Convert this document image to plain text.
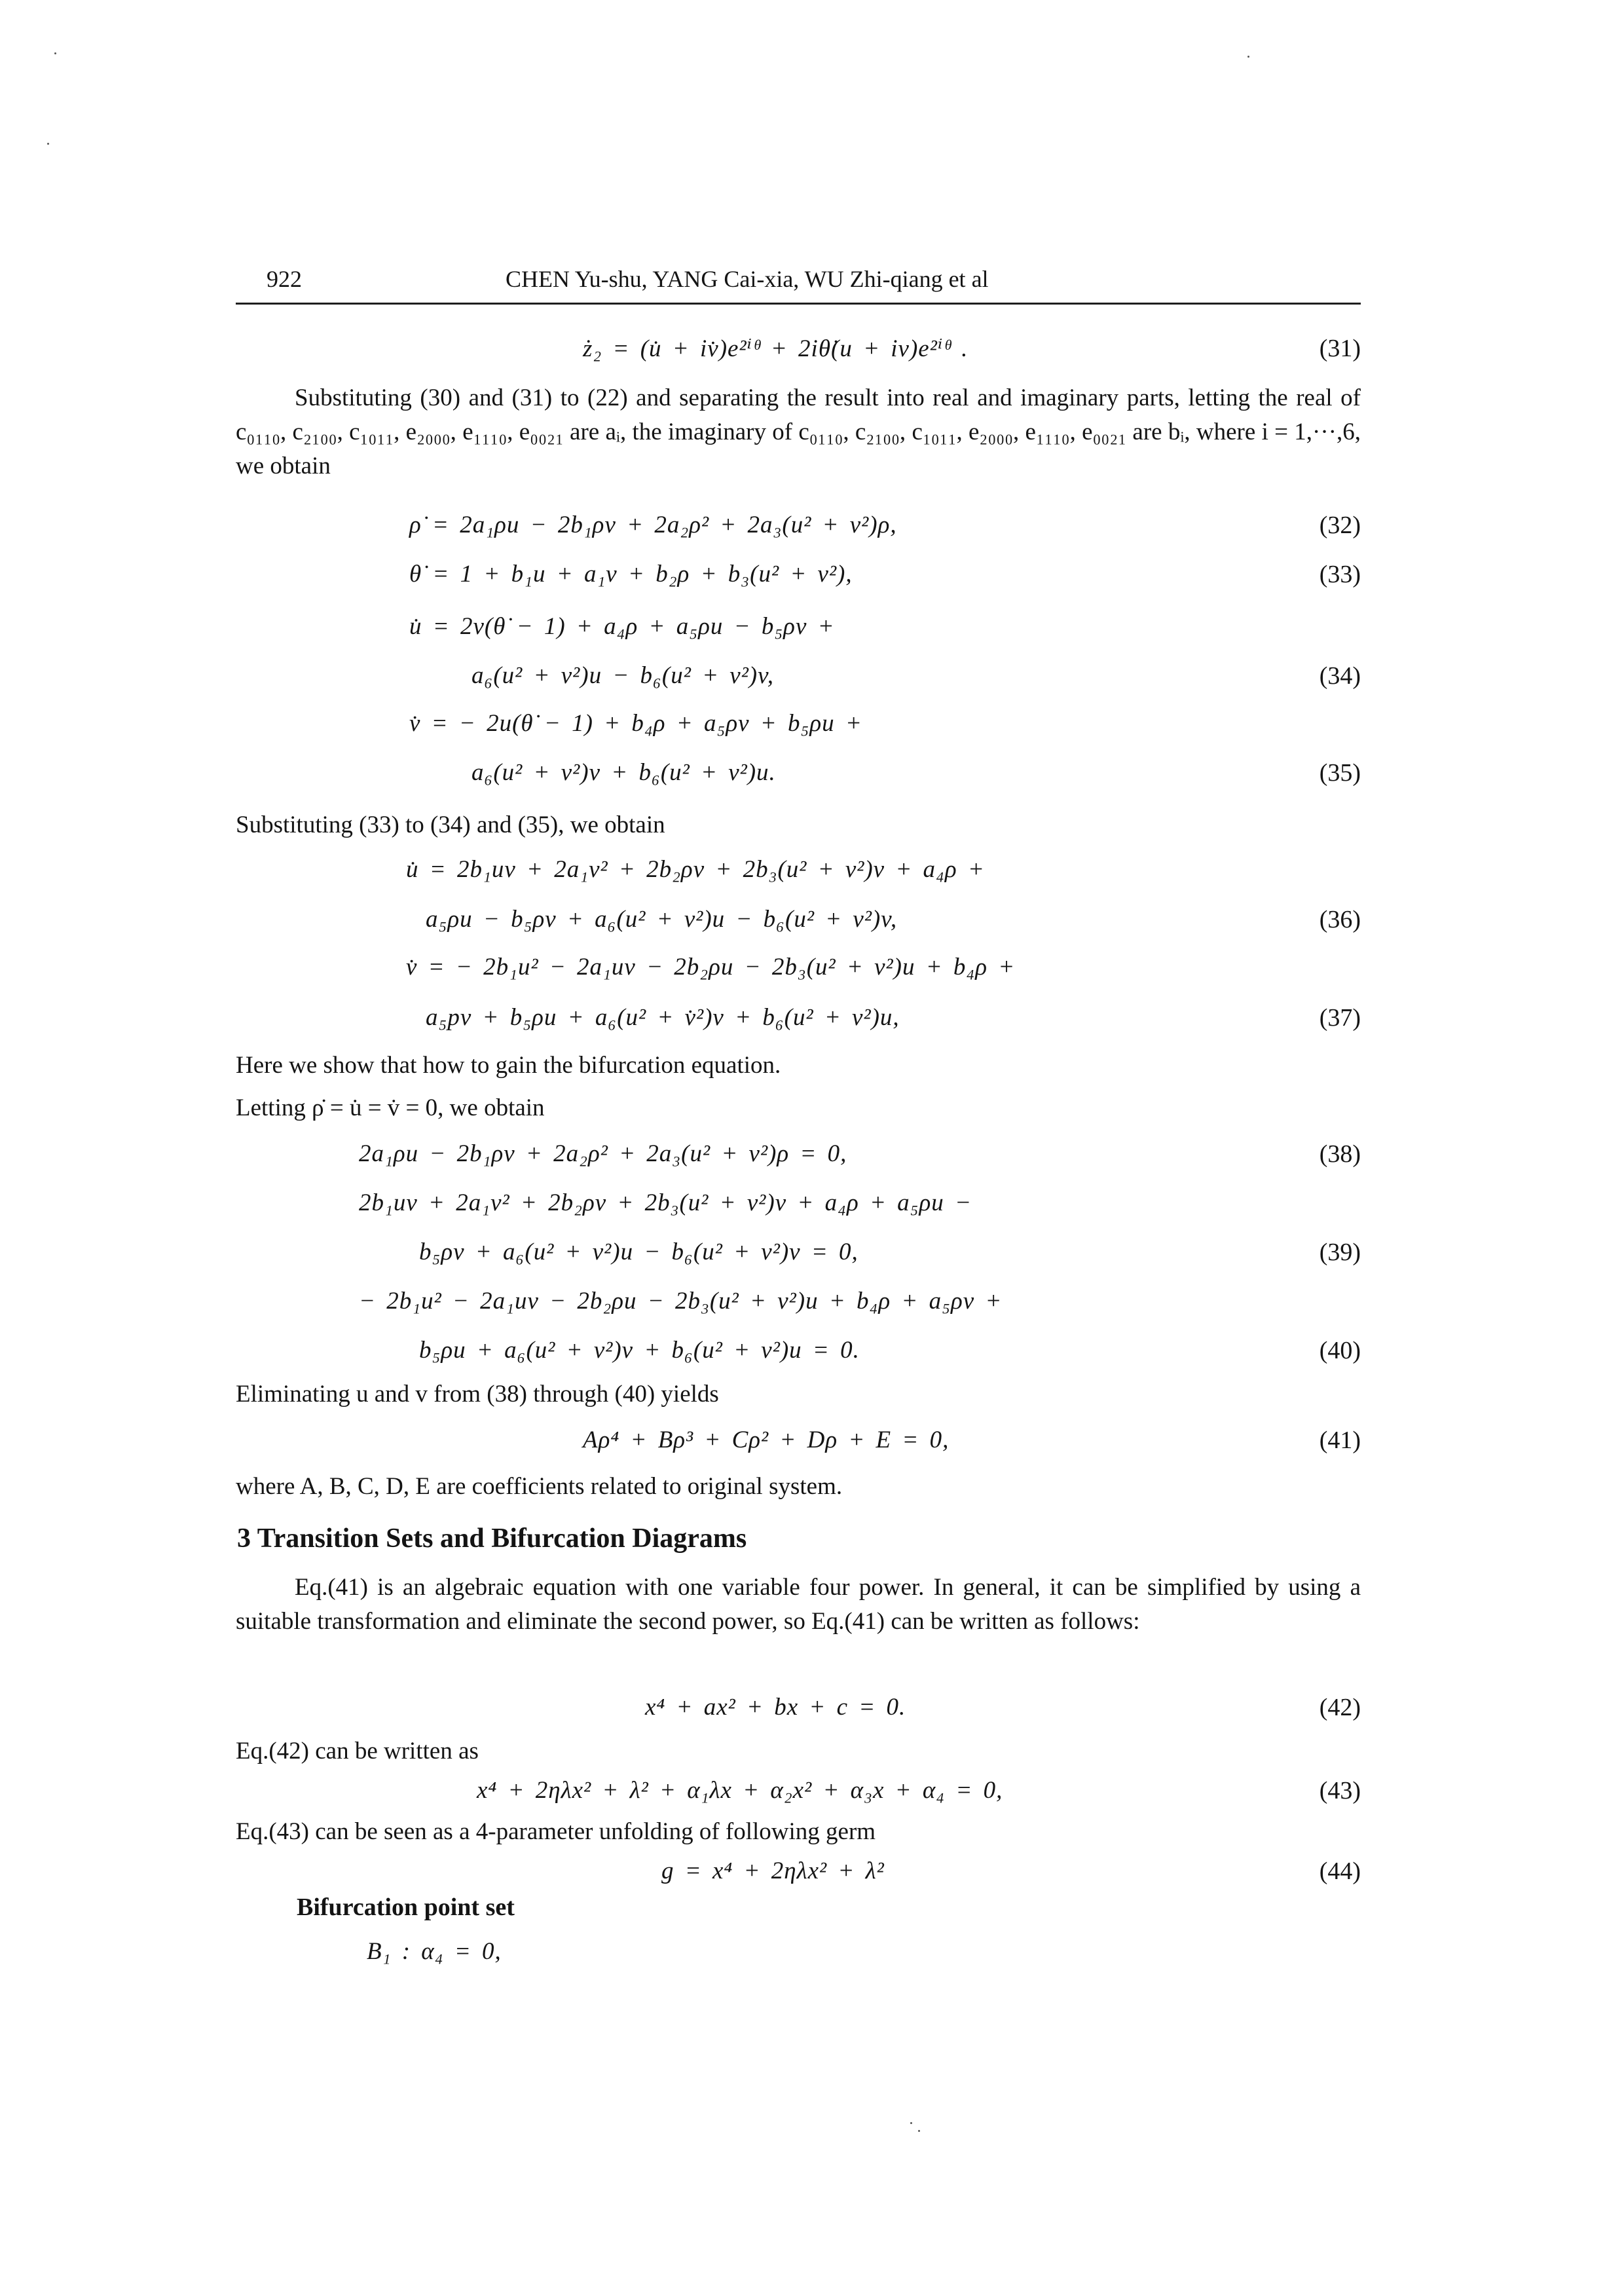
922	CHEN Yu-shu, YANG Cai-xia, WU Zhi-qiang et al
ż₂ = (u̇ + iv̇)e²ⁱᶿ + 2iθ̇(u + iv)e²ⁱᶿ .	(31)
Substituting (30) and (31) to (22) and separating the result into real and imaginary parts, letting the real of c₀₁₁₀, c₂₁₀₀, c₁₀₁₁, e₂₀₀₀, e₁₁₁₀, e₀₀₂₁ are aᵢ, the imaginary of c₀₁₁₀, c₂₁₀₀, c₁₀₁₁, e₂₀₀₀, e₁₁₁₀, e₀₀₂₁ are bᵢ, where i = 1,···,6, we obtain
ρ̇ = 2a₁ρu − 2b₁ρv + 2a₂ρ² + 2a₃(u² + v²)ρ,	(32)
θ̇ = 1 + b₁u + a₁v + b₂ρ + b₃(u² + v²),	(33)
u̇ = 2v(θ̇ − 1) + a₄ρ + a₅ρu − b₅ρv +
a₆(u² + v²)u − b₆(u² + v²)v,	(34)
v̇ = − 2u(θ̇ − 1) + b₄ρ + a₅ρv + b₅ρu +
a₆(u² + v²)v + b₆(u² + v²)u.	(35)
Substituting (33) to (34) and (35), we obtain
u̇ = 2b₁uv + 2a₁v² + 2b₂ρv + 2b₃(u² + v²)v + a₄ρ +
a₅ρu − b₅ρv + a₆(u² + v²)u − b₆(u² + v²)v,	(36)
v̇ = − 2b₁u² − 2a₁uv − 2b₂ρu − 2b₃(u² + v²)u + b₄ρ +
a₅pv + b₅ρu + a₆(u² + v̇²)v + b₆(u² + v²)u,	(37)
Here we show that how to gain the bifurcation equation.
Letting ρ̇ = u̇ = v̇ = 0, we obtain
2a₁ρu − 2b₁ρv + 2a₂ρ² + 2a₃(u² + v²)ρ = 0,	(38)
2b₁uv + 2a₁v² + 2b₂ρv + 2b₃(u² + v²)v + a₄ρ + a₅ρu −
b₅ρv + a₆(u² + v²)u − b₆(u² + v²)v = 0,	(39)
− 2b₁u² − 2a₁uv − 2b₂ρu − 2b₃(u² + v²)u + b₄ρ + a₅ρv +
b₅ρu + a₆(u² + v²)v + b₆(u² + v²)u = 0.	(40)
Eliminating u and v from (38) through (40) yields
Aρ⁴ + Bρ³ + Cρ² + Dρ + E = 0,	(41)
where A, B, C, D, E are coefficients related to original system.
3 Transition Sets and Bifurcation Diagrams
Eq.(41) is an algebraic equation with one variable four power. In general, it can be simplified by using a suitable transformation and eliminate the second power, so Eq.(41) can be written as follows:
x⁴ + ax² + bx + c = 0.	(42)
Eq.(42) can be written as
x⁴ + 2ηλx² + λ² + α₁λx + α₂x² + α₃x + α₄ = 0,	(43)
Eq.(43) can be seen as a 4-parameter unfolding of following germ
g = x⁴ + 2ηλx² + λ²	(44)
Bifurcation point set
B₁ : α₄ = 0,
